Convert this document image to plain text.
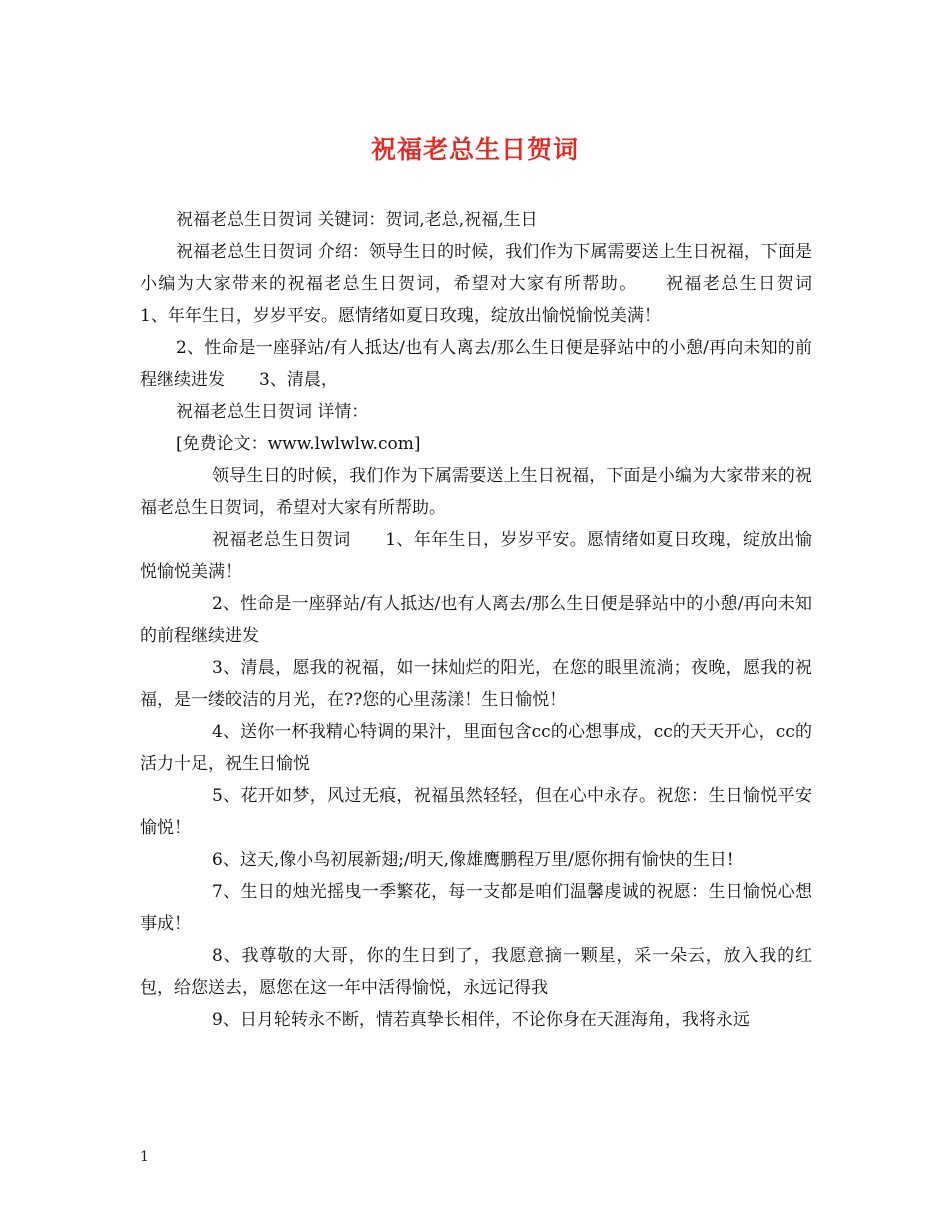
祝福老总生日贺词

祝福老总生日贺词 关键词：贺词,老总,祝福,生日

祝福老总生日贺词 介绍：领导生日的时候，我们作为下属需要送上生日祝福，下面是小编为大家带来的祝福老总生日贺词，希望对大家有所帮助。　　祝福老总生日贺词　　1、年年生日，岁岁平安。愿情绪如夏日玫瑰，绽放出愉悦愉悦美满！

2、性命是一座驿站/有人抵达/也有人离去/那么生日便是驿站中的小憩/再向未知的前程继续进发　　3、清晨，

祝福老总生日贺词 详情：

[免费论文：www.lwlwlw.com]

领导生日的时候，我们作为下属需要送上生日祝福，下面是小编为大家带来的祝福老总生日贺词，希望对大家有所帮助。

祝福老总生日贺词　　1、年年生日，岁岁平安。愿情绪如夏日玫瑰，绽放出愉悦愉悦美满！

2、性命是一座驿站/有人抵达/也有人离去/那么生日便是驿站中的小憩/再向未知的前程继续进发

3、清晨，愿我的祝福，如一抹灿烂的阳光，在您的眼里流淌；夜晚，愿我的祝福，是一缕皎洁的月光，在??您的心里荡漾！生日愉悦！

4、送你一杯我精心特调的果汁，里面包含cc的心想事成，cc的天天开心，cc的活力十足，祝生日愉悦

5、花开如梦，风过无痕，祝福虽然轻轻，但在心中永存。祝您：生日愉悦平安愉悦！

6、这天,像小鸟初展新翅;/明天,像雄鹰鹏程万里/愿你拥有愉快的生日!

7、生日的烛光摇曳一季繁花，每一支都是咱们温馨虔诚的祝愿：生日愉悦心想事成！

8、我尊敬的大哥，你的生日到了，我愿意摘一颗星，采一朵云，放入我的红包，给您送去，愿您在这一年中活得愉悦，永远记得我

9、日月轮转永不断，情若真挚长相伴，不论你身在天涯海角，我将永远

1
